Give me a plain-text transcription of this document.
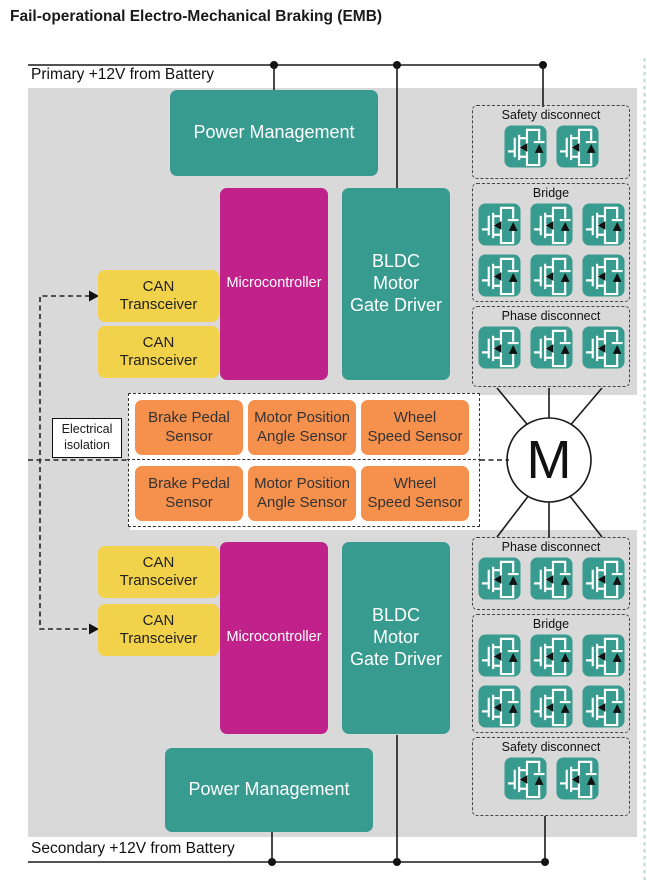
Fail-operational Electro-Mechanical Braking (EMB)
Primary +12V from Battery
Secondary +12V from Battery
Power Management
Microcontroller
BLDC
Motor
Gate Driver
CAN Transceiver
CAN Transceiver
Safety disconnect
Bridge
Phase disconnect
Brake Pedal
Sensor
Motor Position
Angle Sensor
Wheel
Speed Sensor
Brake Pedal
Sensor
Motor Position
Angle Sensor
Wheel
Speed Sensor
Electrical
isolation	M
CAN Transceiver
CAN Transceiver	Microcontroller
BLDC
Motor
Gate Driver
Power Management
Phase disconnect
Bridge
Safety disconnect
